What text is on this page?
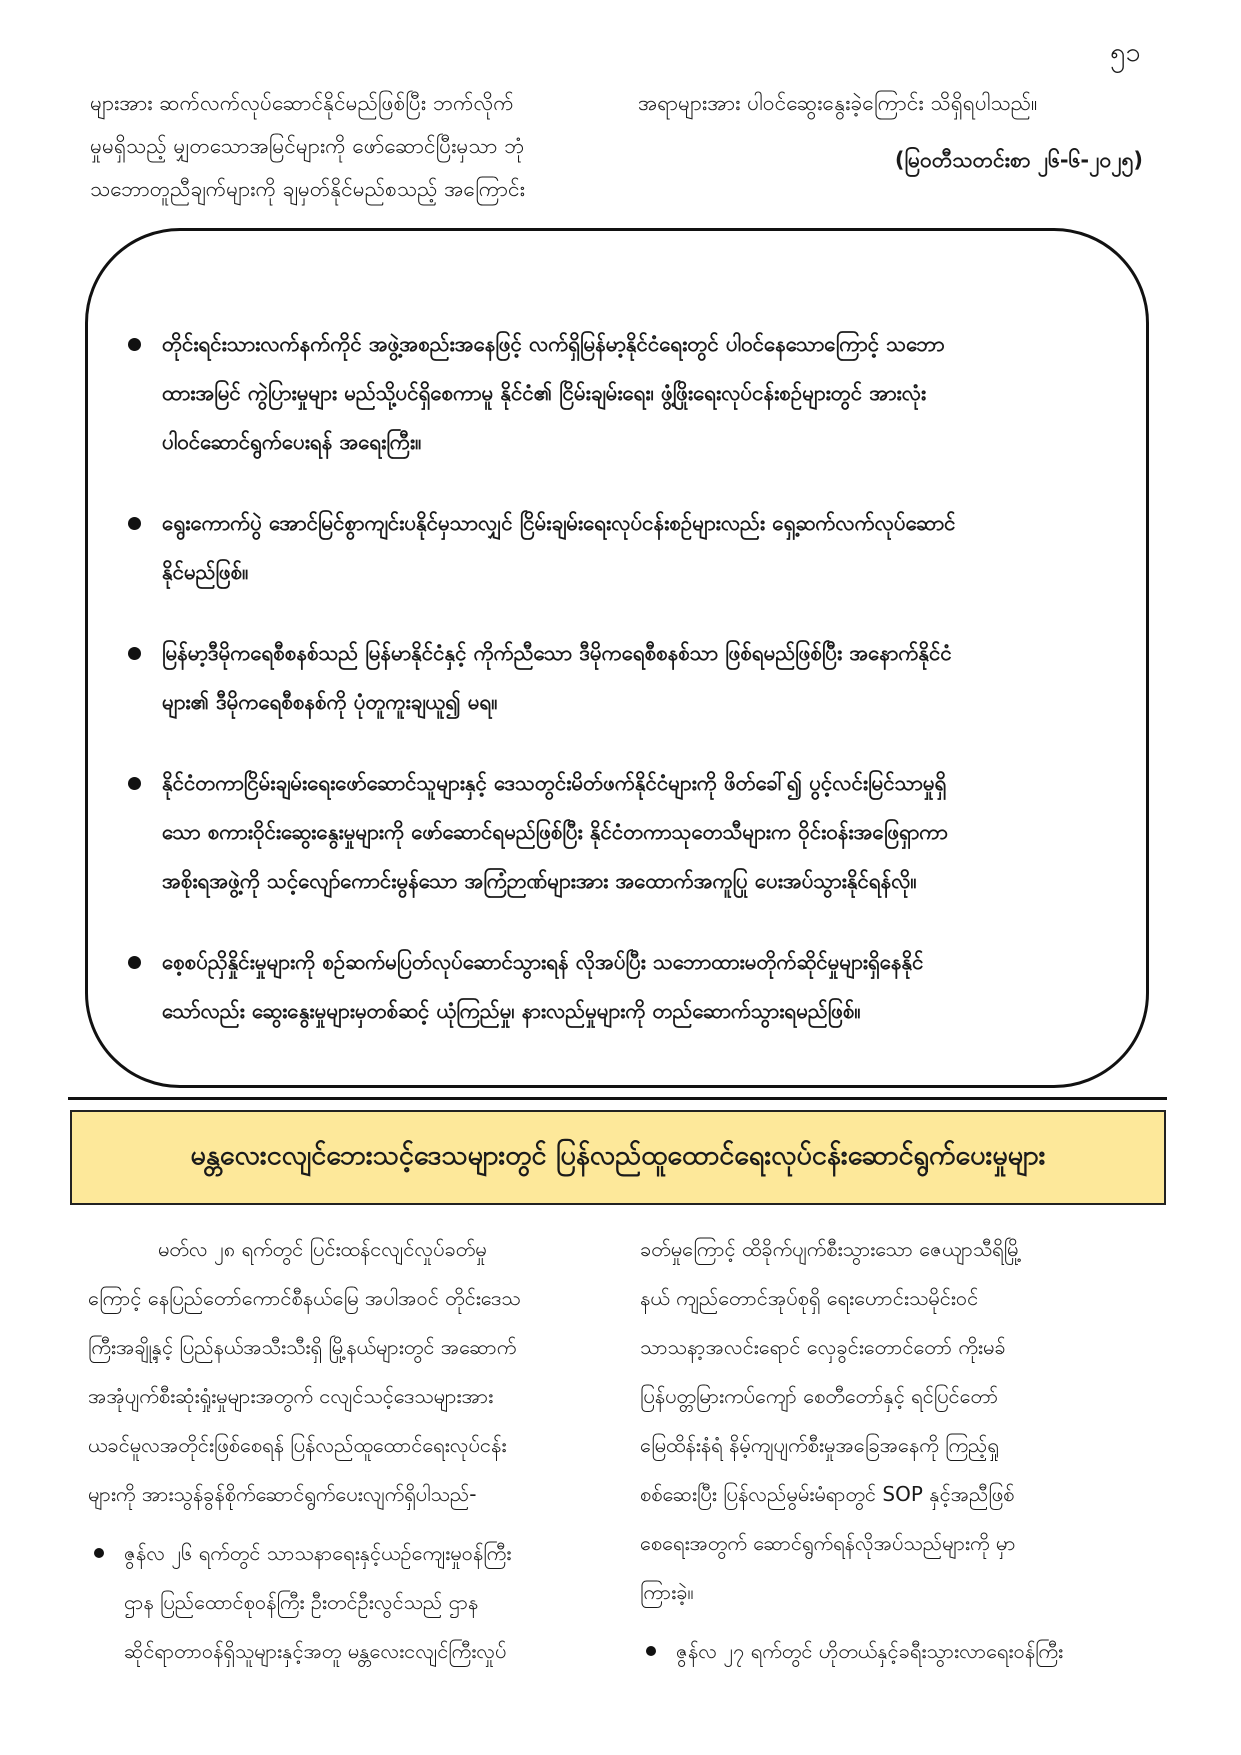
၅၁

များအား ဆက်လက်လုပ်ဆောင်နိုင်မည်ဖြစ်ပြီး ဘက်လိုက်

မှုမရှိသည့် မျှတသောအမြင်များကို ဖော်ဆောင်ပြီးမှသာ ဘုံ

သဘောတူညီချက်များကို ချမှတ်နိုင်မည်စသည့် အကြောင်း

အရာများအား ပါဝင်ဆွေးနွေးခဲ့ကြောင်း သိရှိရပါသည်။

(မြဝတီသတင်းစာ ၂၆-၆-၂၀၂၅)

တိုင်းရင်းသားလက်နက်ကိုင် အဖွဲ့အစည်းအနေဖြင့် လက်ရှိမြန်မာ့နိုင်ငံရေးတွင် ပါဝင်နေသောကြောင့် သဘော

ထားအမြင် ကွဲပြားမှုများ မည်သို့ပင်ရှိစေကာမူ နိုင်ငံ၏ ငြိမ်းချမ်းရေး၊ ဖွံ့ဖြိုးရေးလုပ်ငန်းစဉ်များတွင် အားလုံး

ပါဝင်ဆောင်ရွက်ပေးရန် အရေးကြီး။

ရွေးကောက်ပွဲ အောင်မြင်စွာကျင်းပနိုင်မှသာလျှင် ငြိမ်းချမ်းရေးလုပ်ငန်းစဉ်များလည်း ရှေ့ဆက်လက်လုပ်ဆောင်

နိုင်မည်ဖြစ်။

မြန်မာ့ဒီမိုကရေစီစနစ်သည် မြန်မာနိုင်ငံနှင့် ကိုက်ညီသော ဒီမိုကရေစီစနစ်သာ ဖြစ်ရမည်ဖြစ်ပြီး အနောက်နိုင်ငံ

များ၏ ဒီမိုကရေစီစနစ်ကို ပုံတူကူးချယူ၍ မရ။

နိုင်ငံတကာငြိမ်းချမ်းရေးဖော်ဆောင်သူများနှင့် ဒေသတွင်းမိတ်ဖက်နိုင်ငံများကို ဖိတ်ခေါ်၍ ပွင့်လင်းမြင်သာမှုရှိ

သော စကားဝိုင်းဆွေးနွေးမှုများကို ဖော်ဆောင်ရမည်ဖြစ်ပြီး နိုင်ငံတကာသုတေသီများက ဝိုင်းဝန်းအဖြေရှာကာ

အစိုးရအဖွဲ့ကို သင့်လျော်ကောင်းမွန်သော အကြံဉာဏ်များအား အထောက်အကူပြု ပေးအပ်သွားနိုင်ရန်လို။

စေ့စပ်ညှိနှိုင်းမှုများကို စဉ်ဆက်မပြတ်လုပ်ဆောင်သွားရန် လိုအပ်ပြီး သဘောထားမတိုက်ဆိုင်မှုများရှိနေနိုင်

သော်လည်း ဆွေးနွေးမှုများမှတစ်ဆင့် ယုံကြည်မှု၊ နားလည်မှုများကို တည်ဆောက်သွားရမည်ဖြစ်။

မန္တလေးငလျင်ဘေးသင့်ဒေသများတွင် ပြန်လည်ထူထောင်ရေးလုပ်ငန်းဆောင်ရွက်ပေးမှုများ

မတ်လ ၂၈ ရက်တွင် ပြင်းထန်ငလျင်လှုပ်ခတ်မှု

ကြောင့် နေပြည်တော်ကောင်စီနယ်မြေ အပါအဝင် တိုင်းဒေသ

ကြီးအချို့နှင့် ပြည်နယ်အသီးသီးရှိ မြို့နယ်များတွင် အဆောက်

အအုံပျက်စီးဆုံးရှုံးမှုများအတွက် ငလျင်သင့်ဒေသများအား

ယခင်မူလအတိုင်းဖြစ်စေရန် ပြန်လည်ထူထောင်ရေးလုပ်ငန်း

များကို အားသွန်ခွန်စိုက်ဆောင်ရွက်ပေးလျက်ရှိပါသည်-

ဇွန်လ ၂၆ ရက်တွင် သာသနာရေးနှင့်ယဉ်ကျေးမှုဝန်ကြီး

ဌာန ပြည်ထောင်စုဝန်ကြီး ဦးတင်ဦးလွင်သည် ဌာန

ဆိုင်ရာတာဝန်ရှိသူများနှင့်အတူ မန္တလေးငလျင်ကြီးလှုပ်

ခတ်မှုကြောင့် ထိခိုက်ပျက်စီးသွားသော ဇေယျာသီရိမြို့

နယ် ကျည်တောင်အုပ်စုရှိ ရေးဟောင်းသမိုင်းဝင်

သာသနာ့အလင်းရောင် လှေခွင်းတောင်တော် ကိုးမခ်

ပြန်ပတ္တမြားကပ်ကျော် စေတီတော်နှင့် ရင်ပြင်တော်

မြေထိန်းနံရံ နိမ့်ကျပျက်စီးမှုအခြေအနေကို ကြည့်ရှု

စစ်ဆေးပြီး ပြန်လည်မွမ်းမံရာတွင် SOP နှင့်အညီဖြစ်

စေရေးအတွက် ဆောင်ရွက်ရန်လိုအပ်သည်များကို မှာ

ကြားခဲ့။

ဇွန်လ ၂၇ ရက်တွင် ဟိုတယ်နှင့်ခရီးသွားလာရေးဝန်ကြီး
